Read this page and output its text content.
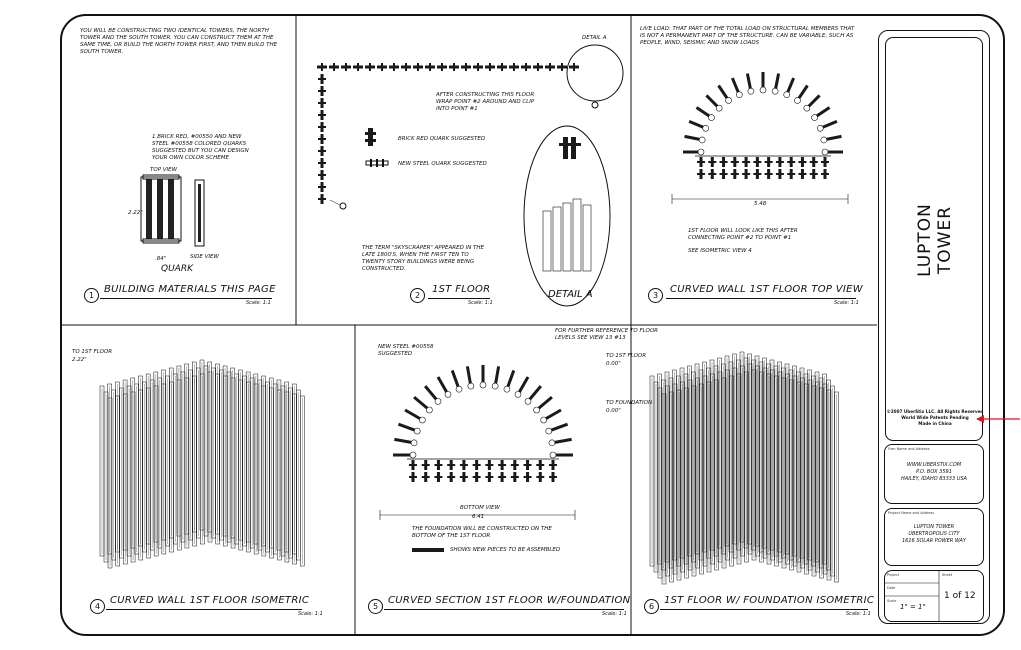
YOU WILL BE CONSTRUCTING TWO IDENTICAL TOWERS, THE NORTH TOWER AND THE SOUTH TOWER. YOU CAN CONSTRUCT THEM AT THE SAME TIME, OR BUILD THE NORTH TOWER FIRST, AND THEN BUILD THE SOUTH TOWER.
1 BRICK RED, #00550 AND NEW STEEL #00558 COLORED QUARKS SUGGESTED BUT YOU CAN DESIGN YOUR OWN COLOR SCHEME
TOP VIEW
2.22"
.84"	SIDE VIEW
QUARK
1
BUILDING MATERIALS THIS PAGE
Scale: 1:1
DETAIL A
AFTER CONSTRUCTING THIS FLOOR WRAP POINT #2 AROUND AND CLIP INTO POINT #1
BRICK RED QUARK SUGGESTED
NEW STEEL QUARK SUGGESTED
THE TERM "SKYSCRAPER" APPEARED IN THE LATE 1800'S, WHEN THE FIRST TEN TO TWENTY STORY BUILDINGS WERE BEING CONSTRUCTED.
DETAIL A
2
1ST FLOOR
Scale: 1:1
LIVE LOAD: THAT PART OF THE TOTAL LOAD ON STRUCTURAL MEMBERS THAT IS NOT A PERMANENT PART OF THE STRUCTURE. CAN BE VARIABLE, SUCH AS PEOPLE, WIND, SEISMIC AND SNOW LOADS
5.48
1ST FLOOR WILL LOOK LIKE THIS AFTER CONNECTING POINT #2 TO POINT #1
SEE ISOMETRIC VIEW 4
3
CURVED WALL 1ST FLOOR TOP VIEW
Scale: 1:1
TO 1ST FLOOR
2.22"
4
CURVED WALL 1ST FLOOR ISOMETRIC
Scale: 1:1
FOR FURTHER REFERENCE TO FLOOR LEVELS SEE VIEW 13 #13
NEW STEEL #00558 SUGGESTED
BOTTOM VIEW
6.41
THE FOUNDATION WILL BE CONSTRUCTED ON THE BOTTOM OF THE 1ST FLOOR
SHOWS NEW PIECES TO BE ASSEMBLED
5
CURVED SECTION 1ST FLOOR W/FOUNDATION
Scale: 1:1
TO 1ST FLOOR
0.00"
TO FOUNDATION
0.00"
6
1ST FLOOR W/ FOUNDATION ISOMETRIC
Scale: 1:1
LUPTON TOWER
©2007 UberStix LLC. All Rights Reserved
World Wide Patents Pending
Made in China
Firm Name and Address
WWW.UBERSTIX.COM
P.O. BOX 3591
HAILEY, IDAHO 83333 USA
Project Name and Address
LUPTON TOWER
UBERTROPOLIS CITY
1616 SOLAR POWER WAY
Project
Date
Scale
Sheet
1" = 1"
1 of 12
